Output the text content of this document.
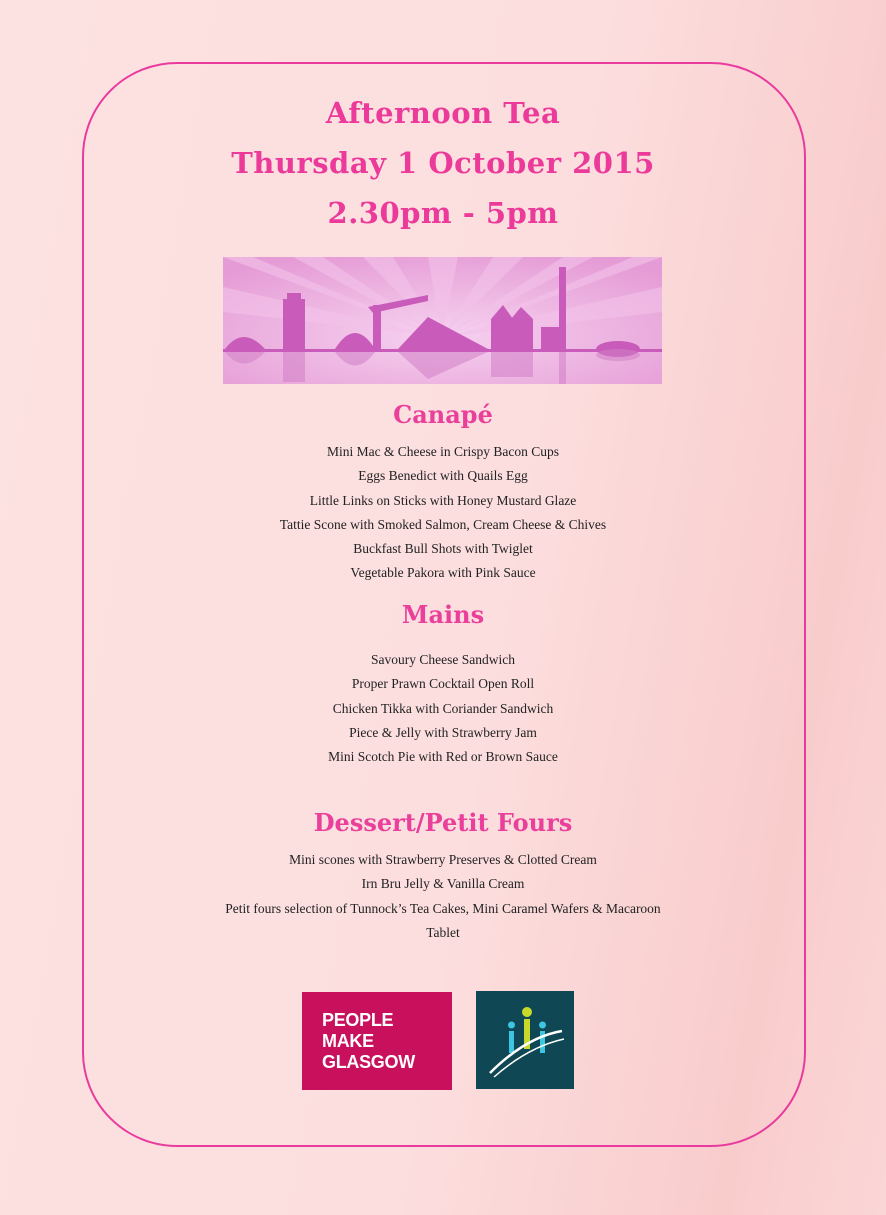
Afternoon Tea
Thursday 1 October 2015
2.30pm - 5pm
Canapé
Mini Mac & Cheese in Crispy Bacon Cups
Eggs Benedict with Quails Egg
Little Links on Sticks with Honey Mustard Glaze
Tattie Scone with Smoked Salmon, Cream Cheese & Chives
Buckfast Bull Shots with Twiglet
Vegetable Pakora with Pink Sauce
Mains
Savoury Cheese Sandwich
Proper Prawn Cocktail Open Roll
Chicken Tikka with Coriander Sandwich
Piece & Jelly with Strawberry Jam
Mini Scotch Pie with Red or Brown Sauce
Dessert/Petit Fours
Mini scones with Strawberry Preserves & Clotted Cream
Irn Bru Jelly & Vanilla Cream
Petit fours selection of Tunnock’s Tea Cakes, Mini Caramel Wafers & Macaroon
Tablet
PEOPLE
MAKE
GLASGOW
